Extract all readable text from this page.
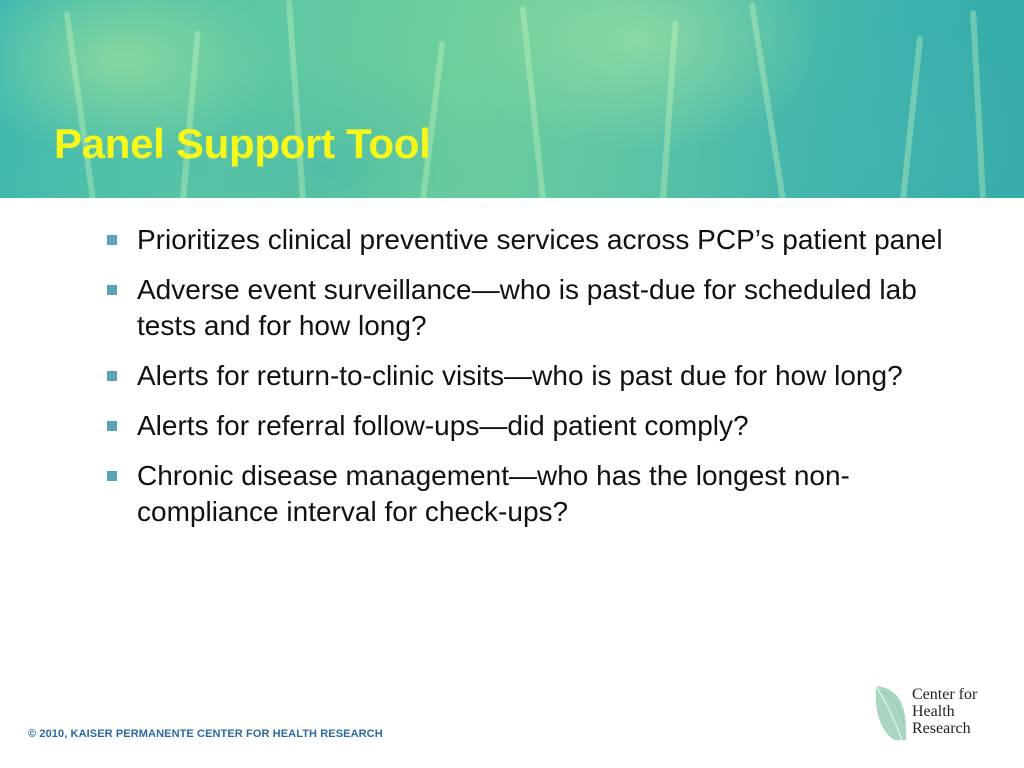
Panel Support Tool
Prioritizes clinical preventive services across PCP’s patient panel
Adverse event surveillance—who is past-due for scheduled lab tests and for how long?
Alerts for return-to-clinic visits—who is past due for how long?
Alerts for referral follow-ups—did patient comply?
Chronic disease management—who has the longest non-compliance interval for check-ups?
© 2010, KAISER PERMANENTE CENTER FOR HEALTH RESEARCH
Center for
Health
Research
